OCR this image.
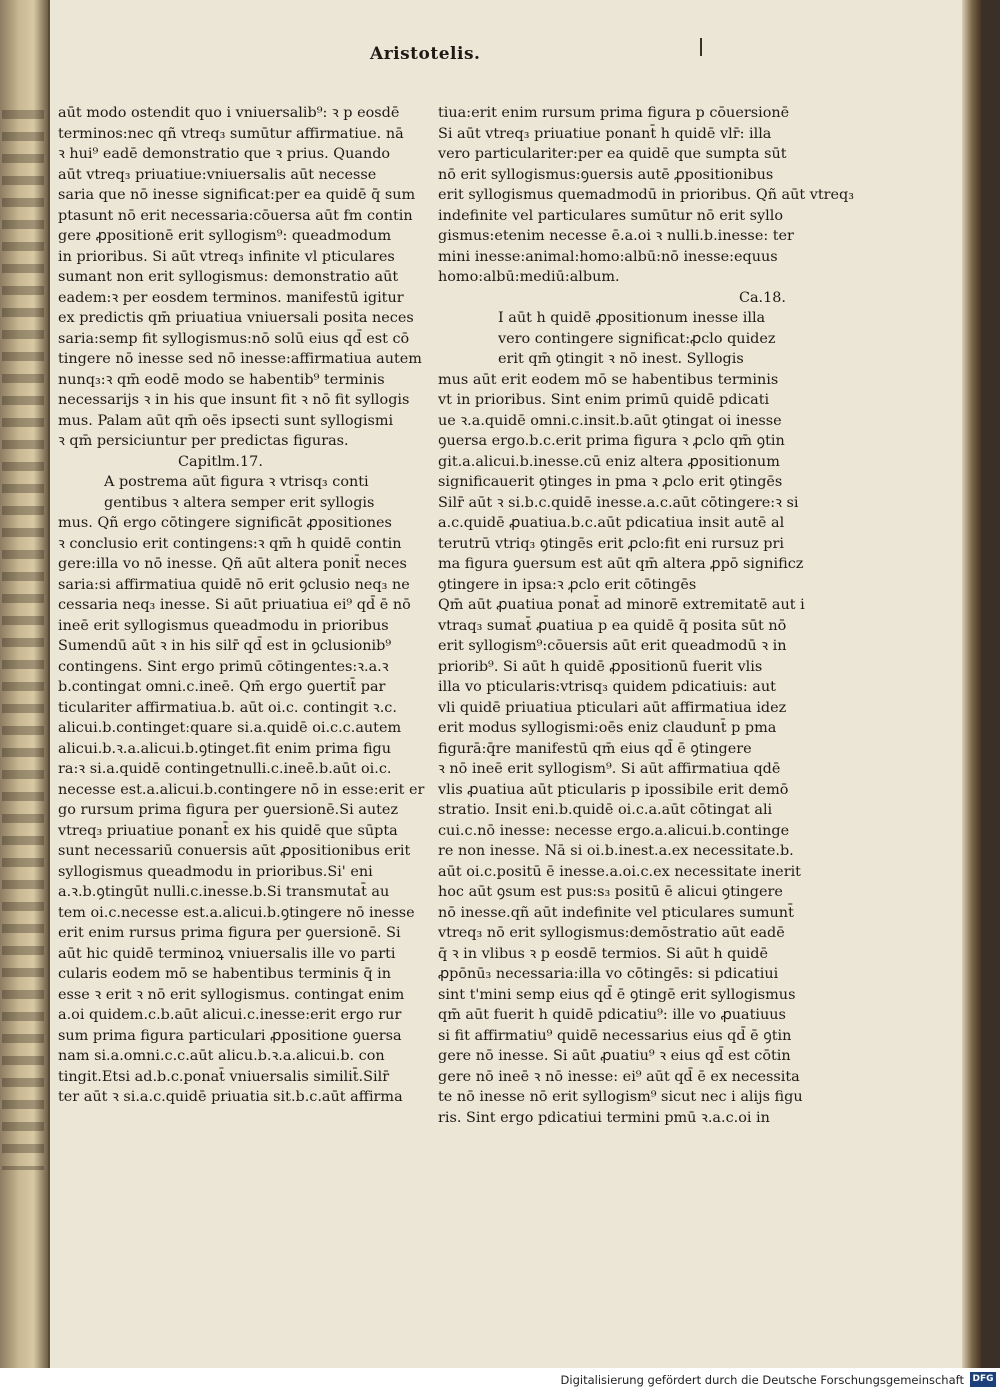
Aristotelis.

aūt modo ostendit quo i vniuersalib⁹: ꝛ p eosdē

terminos:nec qñ vtreq₃ sumūtur affirmatiue. nā

ꝛ hui⁹ eadē demonstratio que ꝛ prius. Quando

aūt vtreq₃ priuatiue:vniuersalis aūt necesse

saria que nō inesse significat:per ea quidē q̄ sum

ptasunt nō erit necessaria:cōuersa aūt fm contin

gere ꝓpositionē erit syllogism⁹: queadmodum

in prioribus. Si aūt vtreq₃ infinite vl pticulares

sumant non erit syllogismus: demonstratio aūt

eadem:ꝛ per eosdem terminos. manifestū igitur

ex predictis qm̄ priuatiua vniuersali posita neces

saria:semp fit syllogismus:nō solū eius qd̄ est cō

tingere nō inesse sed nō inesse:affirmatiua autem

nunq₃:ꝛ qm̄ eodē modo se habentib⁹ terminis

necessarijs ꝛ in his que insunt fit ꝛ nō fit syllogis

mus. Palam aūt qm̄ oēs ipsecti sunt syllogismi

ꝛ qm̄ persiciuntur per predictas figuras.

Capitlm.17.

A postrema aūt figura ꝛ vtrisq₃ conti

gentibus ꝛ altera semper erit syllogis

mus. Qñ ergo cōtingere significāt ꝓpositiones

ꝛ conclusio erit contingens:ꝛ qm̄ h quidē contin

gere:illa vo nō inesse. Qñ aūt altera ponit̄ neces

saria:si affirmatiua quidē nō erit ꝯclusio neq₃ ne

cessaria neq₃ inesse. Si aūt priuatiua ei⁹ qd̄ ē nō

ineē erit syllogismus queadmodu in prioribus

Sumendū aūt ꝛ in his silr̄ qd̄ est in ꝯclusionib⁹

contingens. Sint ergo primū cōtingentes:ꝛ.a.ꝛ

b.contingat omni.c.ineē. Qm̄ ergo ꝯuertit̄ par

ticulariter affirmatiua.b. aūt oi.c. contingit ꝛ.c.

alicui.b.contingetːquare si.a.quidē oi.c.c.autem

alicui.b.ꝛ.a.alicui.b.ꝯtinget.fit enim prima figu

ra:ꝛ si.a.quidē contingetnulli.c.ineē.b.aūt oi.c.

necesse est.a.alicui.b.contingere nō in esse:erit er

go rursum prima figura per ꝯuersionē.Si autez

vtreq₃ priuatiue ponant̄ ex his quidē que sūpta

sunt necessariū conuersis aūt ꝓpositionibus erit

syllogismus queadmodu in prioribus.Si' eni

a.ꝛ.b.ꝯtingūt nulli.c.inesse.b.Si transmutat̄ au

tem oi.c.necesse est.a.alicui.b.ꝯtingere nō inesse

erit enim rursus prima figura per ꝯuersionē. Si

aūt hic quidē terminoꝝ vniuersalis ille vo parti

cularis eodem mō se habentibus terminis q̄ in

esse ꝛ erit ꝛ nō erit syllogismus. contingat enim

a.oi quidem.c.b.aūt alicui.c.inesse:erit ergo rur

sum prima figura particulari ꝓpositione ꝯuersa

nam si.a.omni.c.c.aūt alicu.b.ꝛ.a.alicui.b. con

tingit.Etsi ad.b.c.ponat̄ vniuersalis similit̄.Silr̄

ter aūt ꝛ si.a.c.quidē priuatia sit.b.c.aūt affirma

tiua:erit enim rursum prima figura p cōuersionē

Si aūt vtreq₃ priuatiue ponant̄ h quidē vlr̄: illa

vero particulariter:per ea quidē que sumpta sūt

nō erit syllogismus:ꝯuersis autē ꝓpositionibus

erit syllogismus quemadmodū in prioribus. Qñ aūt vtreq₃

indefinite vel particulares sumūtur nō erit syllo

gismus:etenim necesse ē.a.oi ꝛ nulli.b.inesse: ter

mini inesse:animal:homo:albū:nō inesse:equus

homo:albū:mediū:album.

Ca.18.

I aūt h quidē ꝓpositionum inesse illa

vero contingere significat:ꝓclo quidez

erit qm̄ ꝯtingit ꝛ nō inest. Syllogis

mus aūt erit eodem mō se habentibus terminis

vt in prioribus. Sint enim primū quidē pdicati

ue ꝛ.a.quidē omni.c.insit.b.aūt ꝯtingat oi inesse

ꝯuersa ergo.b.c.erit prima figura ꝛ ꝓclo qm̄ ꝯtin

git.a.alicui.b.inesse.cū eniz altera ꝓpositionum

significauerit ꝯtinges in pma ꝛ ꝓclo erit ꝯtingēs

Silr̄ aūt ꝛ si.b.c.quidē inesse.a.c.aūt cōtingere:ꝛ si

a.c.quidē ꝓuatiua.b.c.aūt pdicatiua insit autē al

terutrū vtriq₃ ꝯtingēs erit ꝓclo:fit eni rursuz pri

ma figura ꝯuersum est aūt qm̄ altera ꝓpō significz

ꝯtingere in ipsa:ꝛ ꝓclo erit cōtingēs

Qm̄ aūt ꝓuatiua ponat̄ ad minorē extremitatē aut i

vtraq₃ sumat̄ ꝓuatiua p ea quidē q̄ posita sūt nō

erit syllogism⁹:cōuersis aūt erit queadmodū ꝛ in

priorib⁹. Si aūt h quidē ꝓpositionū fuerit vlis

illa vo pticularis:vtrisq₃ quidem pdicatiuis: aut

vli quidē priuatiua pticulari aūt affirmatiua idez

erit modus syllogismi:oēs eniz claudunt̄ p pma

figurā:q̄re manifestū qm̄ eius qd̄ ē ꝯtingere

ꝛ nō ineē erit syllogism⁹. Si aūt affirmatiua qdē

vlis ꝓuatiua aūt pticularis p ipossibile erit demō

stratio. Insit eni.b.quidē oi.c.a.aūt cōtingat ali

cui.c.nō inesse: necesse ergo.a.alicui.b.continge

re non inesse. Nā si oi.b.inest.a.ex necessitate.b.

aūt oi.c.positū ē inesse.a.oi.c.ex necessitate inerit

hoc aūt ꝯsum est pus:s₃ positū ē alicui ꝯtingere

nō inesse.qñ aūt indefinite vel pticulares sumunt̄

vtreq₃ nō erit syllogismus:demōstratio aūt eadē

q̄ ꝛ in vlibus ꝛ p eosdē termios. Si aūt h quidē

ꝓpōnū₃ necessaria:illa vo cōtingēs: si pdicatiui

sint t'mini semp eius qd̄ ē ꝯtingē erit syllogismus

qm̄ aūt fuerit h quidē pdicatiu⁹: ille vo ꝓuatiuus

si fit affirmatiu⁹ quidē necessarius eius qd̄ ē ꝯtin

gere nō inesse. Si aūt ꝓuatiu⁹ ꝛ eius qd̄ est cōtin

gere nō ineē ꝛ nō inesse: ei⁹ aūt qd̄ ē ex necessita

te nō inesse nō erit syllogism⁹ sicut nec i alijs figu

ris. Sint ergo pdicatiui termini pmū ꝛ.a.c.oi in

Digitalisierung gefördert durch die Deutsche Forschungsgemeinschaft DFG
